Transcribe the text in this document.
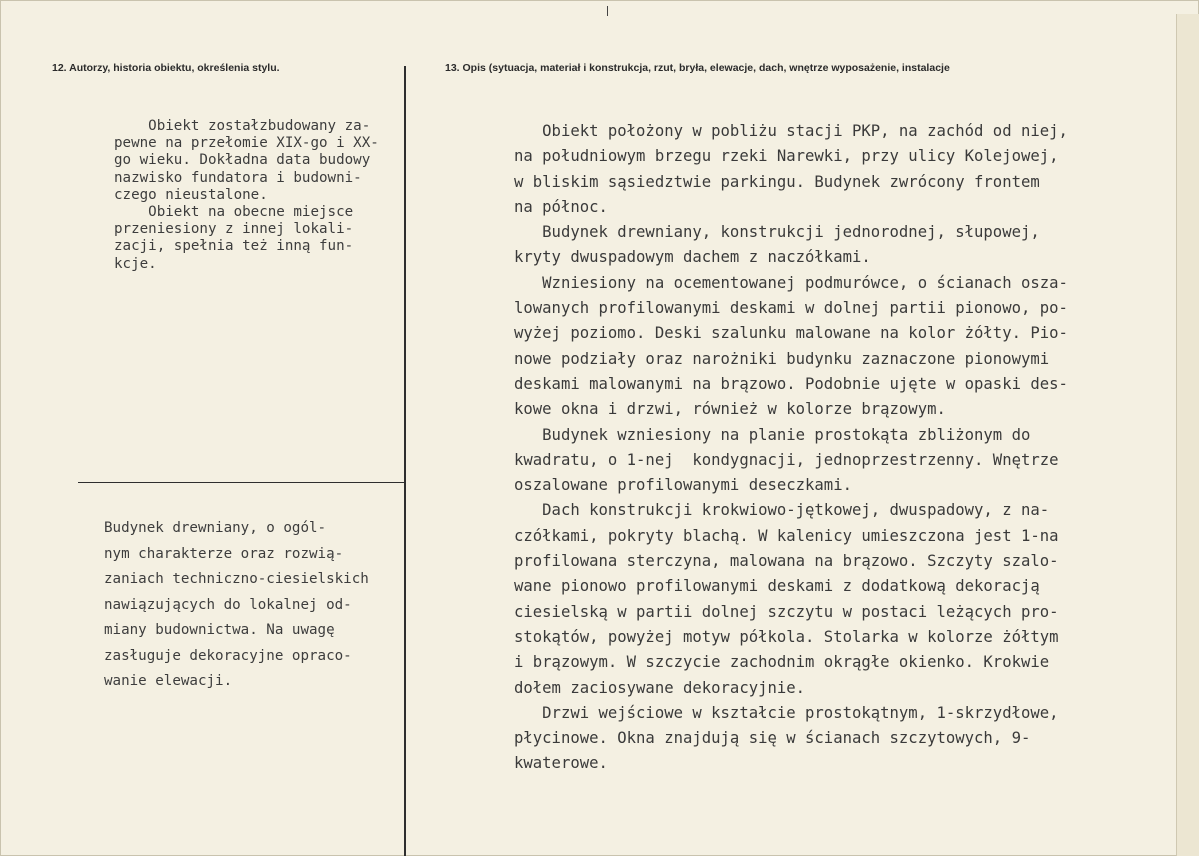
12. Autorzy, historia obiektu, określenia stylu.	13. Opis (sytuacja, materiał i konstrukcja, rzut, bryła, elewacje, dach, wnętrze wyposażenie, instalacje

Obiekt zostałzbudowany za-

pewne na przełomie XIX-go i XX-

go wieku. Dokładna data budowy

nazwisko fundatora i budowni-

czego nieustalone.

Obiekt na obecne miejsce

przeniesiony z innej lokali-

zacji, spełnia też inną fun-

kcje.

Budynek drewniany, o ogól-

nym charakterze oraz rozwią-

zaniach techniczno-ciesielskich

nawiązujących do lokalnej od-

miany budownictwa. Na uwagę

zasługuje dekoracyjne opraco-

wanie elewacji.

Obiekt położony w pobliżu stacji PKP, na zachód od niej,

na południowym brzegu rzeki Narewki, przy ulicy Kolejowej,

w bliskim sąsiedztwie parkingu. Budynek zwrócony frontem

na północ.

Budynek drewniany, konstrukcji jednorodnej, słupowej,

kryty dwuspadowym dachem z naczółkami.

Wzniesiony na ocementowanej podmurówce, o ścianach osza-

lowanych profilowanymi deskami w dolnej partii pionowo, po-

wyżej poziomo. Deski szalunku malowane na kolor żółty. Pio-

nowe podziały oraz narożniki budynku zaznaczone pionowymi

deskami malowanymi na brązowo. Podobnie ujęte w opaski des-

kowe okna i drzwi, również w kolorze brązowym.

Budynek wzniesiony na planie prostokąta zbliżonym do

kwadratu, o 1-nej  kondygnacji, jednoprzestrzenny. Wnętrze

oszalowane profilowanymi deseczkami.

Dach konstrukcji krokwiowo-jętkowej, dwuspadowy, z na-

czółkami, pokryty blachą. W kalenicy umieszczona jest 1-na

profilowana sterczyna, malowana na brązowo. Szczyty szalo-

wane pionowo profilowanymi deskami z dodatkową dekoracją

ciesielską w partii dolnej szczytu w postaci leżących pro-

stokątów, powyżej motyw półkola. Stolarka w kolorze żółtym

i brązowym. W szczycie zachodnim okrągłe okienko. Krokwie

dołem zaciosywane dekoracyjnie.

Drzwi wejściowe w kształcie prostokątnym, 1-skrzydłowe,

płycinowe. Okna znajdują się w ścianach szczytowych, 9-

kwaterowe.
